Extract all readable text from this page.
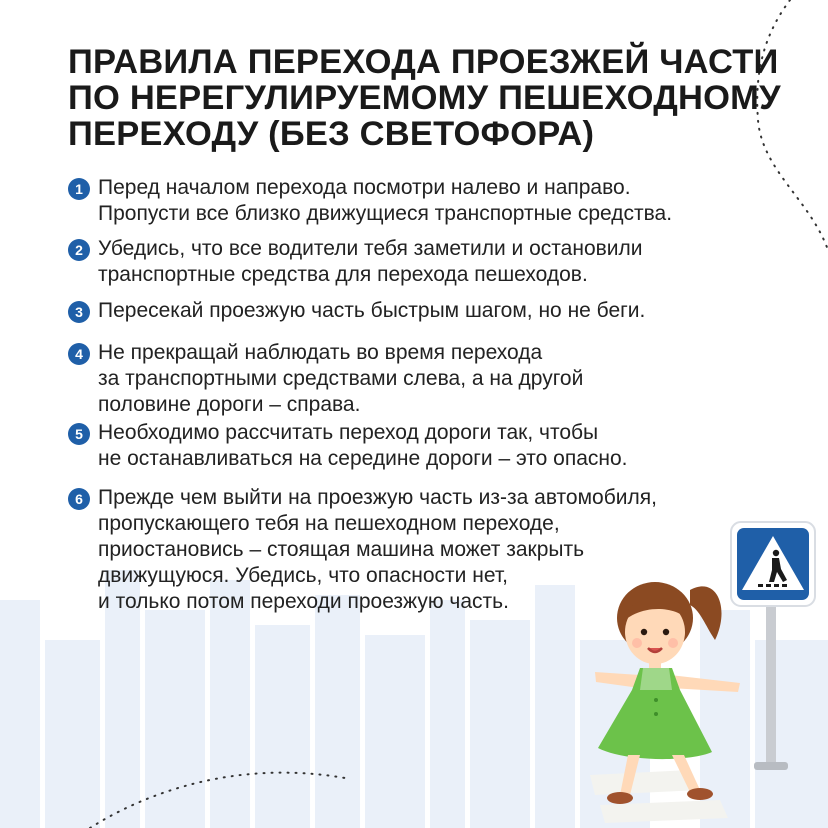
ПРАВИЛА ПЕРЕХОДА ПРОЕЗЖЕЙ ЧАСТИ
ПО НЕРЕГУЛИРУЕМОМУ ПЕШЕХОДНОМУ
ПЕРЕХОДУ (БЕЗ СВЕТОФОРА)
1 Перед началом перехода посмотри налево и направо.
Пропусти все близко движущиеся транспортные средства.
2 Убедись, что все водители тебя заметили и остановили
транспортные средства для перехода пешеходов.
3 Пересекай проезжую часть быстрым шагом, но не беги.
4 Не прекращай наблюдать во время перехода
за транспортными средствами слева, а на другой
половине дороги – справа.
5 Необходимо рассчитать переход дороги так, чтобы
не останавливаться на середине дороги – это опасно.
6 Прежде чем выйти на проезжую часть из-за автомобиля,
пропускающего тебя на пешеходном переходе,
приостановись – стоящая машина может закрыть
движущуюся. Убедись, что опасности нет,
и только потом переходи проезжую часть.
